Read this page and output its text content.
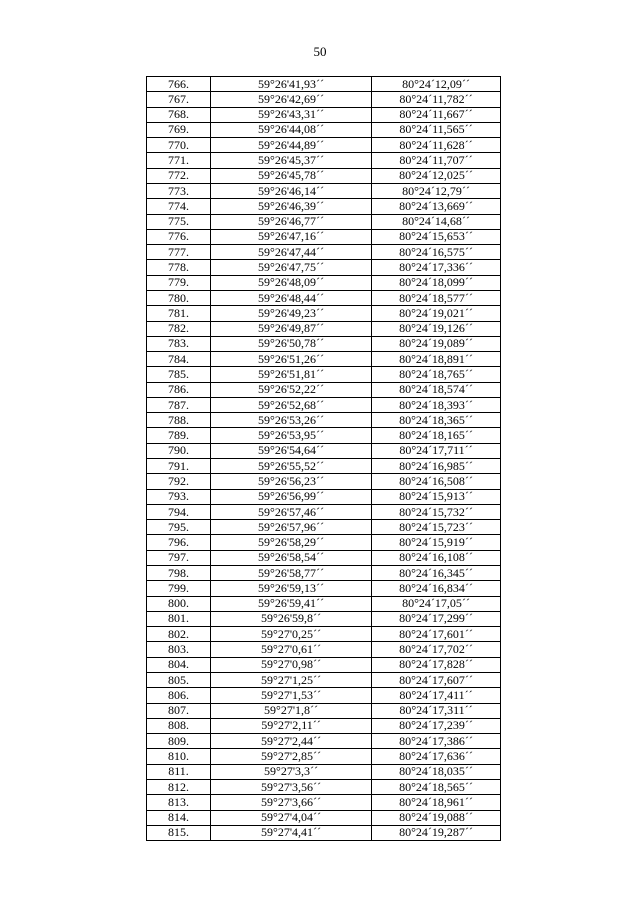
50
766.	59°26'41,93´´	80°24´12,09´´
767.	59°26'42,69´´	80°24´11,782´´
768.	59°26'43,31´´	80°24´11,667´´
769.	59°26'44,08´´	80°24´11,565´´
770.	59°26'44,89´´	80°24´11,628´´
771.	59°26'45,37´´	80°24´11,707´´
772.	59°26'45,78´´	80°24´12,025´´
773.	59°26'46,14´´	80°24´12,79´´
774.	59°26'46,39´´	80°24´13,669´´
775.	59°26'46,77´´	80°24´14,68´´
776.	59°26'47,16´´	80°24´15,653´´
777.	59°26'47,44´´	80°24´16,575´´
778.	59°26'47,75´´	80°24´17,336´´
779.	59°26'48,09´´	80°24´18,099´´
780.	59°26'48,44´´	80°24´18,577´´
781.	59°26'49,23´´	80°24´19,021´´
782.	59°26'49,87´´	80°24´19,126´´
783.	59°26'50,78´´	80°24´19,089´´
784.	59°26'51,26´´	80°24´18,891´´
785.	59°26'51,81´´	80°24´18,765´´
786.	59°26'52,22´´	80°24´18,574´´
787.	59°26'52,68´´	80°24´18,393´´
788.	59°26'53,26´´	80°24´18,365´´
789.	59°26'53,95´´	80°24´18,165´´
790.	59°26'54,64´´	80°24´17,711´´
791.	59°26'55,52´´	80°24´16,985´´
792.	59°26'56,23´´	80°24´16,508´´
793.	59°26'56,99´´	80°24´15,913´´
794.	59°26'57,46´´	80°24´15,732´´
795.	59°26'57,96´´	80°24´15,723´´
796.	59°26'58,29´´	80°24´15,919´´
797.	59°26'58,54´´	80°24´16,108´´
798.	59°26'58,77´´	80°24´16,345´´
799.	59°26'59,13´´	80°24´16,834´´
800.	59°26'59,41´´	80°24´17,05´´
801.	59°26'59,8´´	80°24´17,299´´
802.	59°27'0,25´´	80°24´17,601´´
803.	59°27'0,61´´	80°24´17,702´´
804.	59°27'0,98´´	80°24´17,828´´
805.	59°27'1,25´´	80°24´17,607´´
806.	59°27'1,53´´	80°24´17,411´´
807.	59°27'1,8´´	80°24´17,311´´
808.	59°27'2,11´´	80°24´17,239´´
809.	59°27'2,44´´	80°24´17,386´´
810.	59°27'2,85´´	80°24´17,636´´
811.	59°27'3,3´´	80°24´18,035´´
812.	59°27'3,56´´	80°24´18,565´´
813.	59°27'3,66´´	80°24´18,961´´
814.	59°27'4,04´´	80°24´19,088´´
815.	59°27'4,41´´	80°24´19,287´´
